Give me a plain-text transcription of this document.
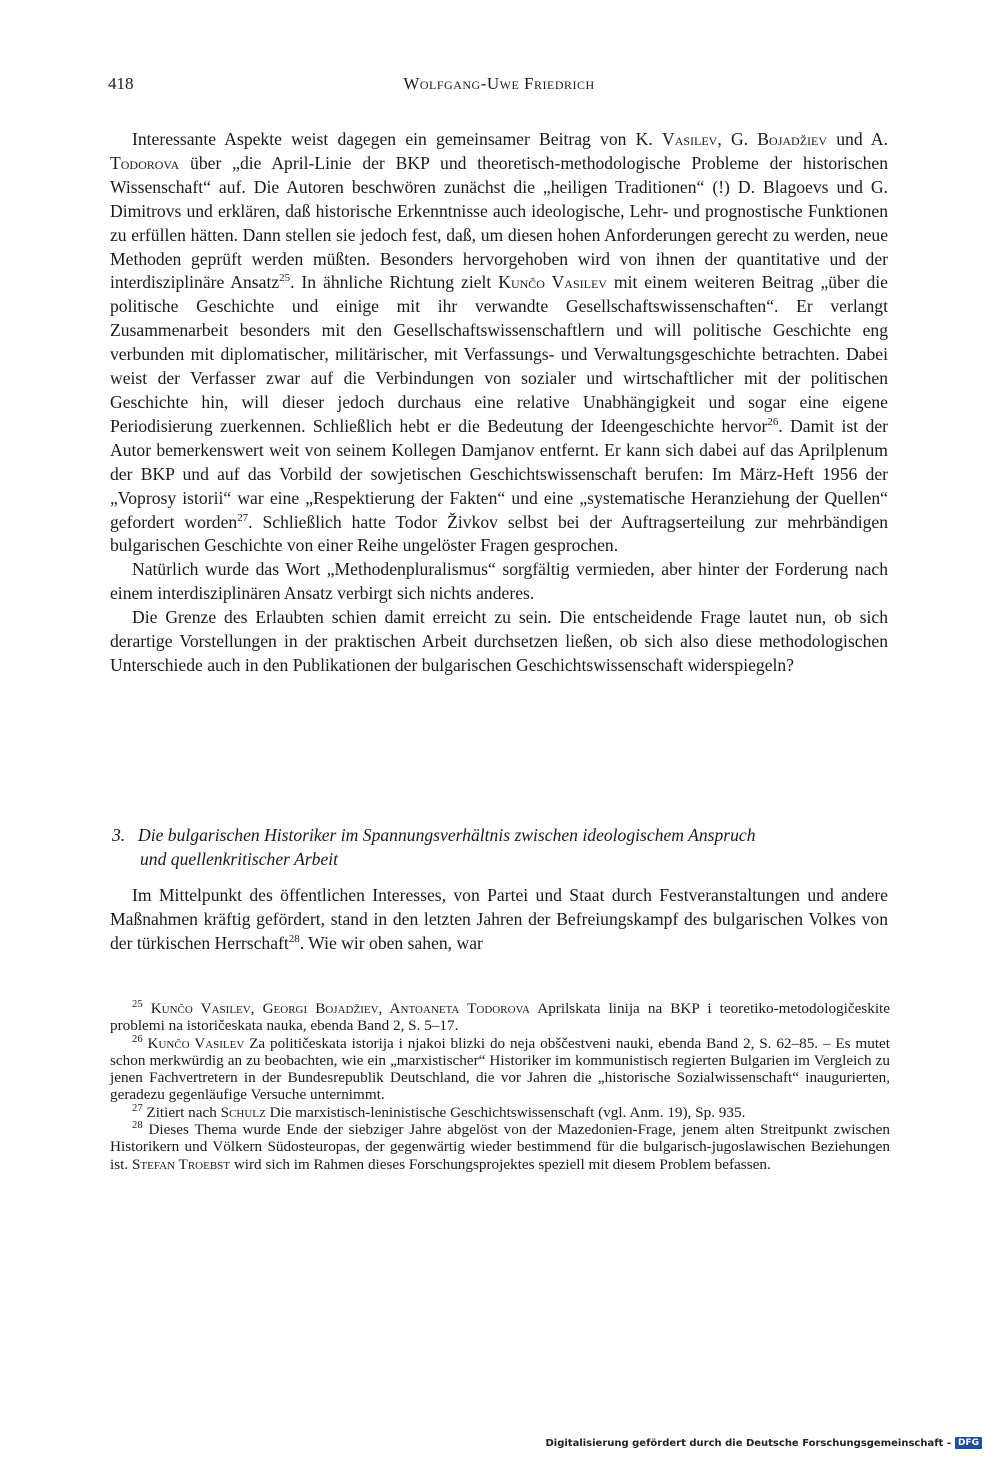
418	Wolfgang-Uwe Friedrich

Interessante Aspekte weist dagegen ein gemeinsamer Beitrag von K. Vasilev, G. Bojadžiev und A. Todorova über „die April-Linie der BKP und theoretisch-methodologische Probleme der historischen Wissenschaft“ auf. Die Autoren beschwören zunächst die „heiligen Traditionen“ (!) D. Blagoevs und G. Dimitrovs und erklären, daß historische Erkenntnisse auch ideologische, Lehr- und prognostische Funktionen zu erfüllen hätten. Dann stellen sie jedoch fest, daß, um diesen hohen Anforderungen gerecht zu werden, neue Methoden geprüft werden müßten. Besonders hervorgehoben wird von ihnen der quantitative und der interdisziplinäre Ansatz$^{25}$. In ähnliche Richtung zielt Kunčo Vasilev mit einem weiteren Beitrag „über die politische Geschichte und einige mit ihr verwandte Gesellschaftswissenschaften“. Er verlangt Zusammenarbeit besonders mit den Gesellschaftswissenschaftlern und will politische Geschichte eng verbunden mit diplomatischer, militärischer, mit Verfassungs- und Verwaltungsgeschichte betrachten. Dabei weist der Verfasser zwar auf die Verbindungen von sozialer und wirtschaftlicher mit der politischen Geschichte hin, will dieser jedoch durchaus eine relative Unabhängigkeit und sogar eine eigene Periodisierung zuerkennen. Schließlich hebt er die Bedeutung der Ideengeschichte hervor$^{26}$. Damit ist der Autor bemerkenswert weit von seinem Kollegen Damjanov entfernt. Er kann sich dabei auf das Aprilplenum der BKP und auf das Vorbild der sowjetischen Geschichtswissenschaft berufen: Im März-Heft 1956 der „Voprosy istorii“ war eine „Respektierung der Fakten“ und eine „systematische Heranziehung der Quellen“ gefordert worden$^{27}$. Schließlich hatte Todor Živkov selbst bei der Auftragserteilung zur mehrbändigen bulgarischen Geschichte von einer Reihe ungelöster Fragen gesprochen.

Natürlich wurde das Wort „Methodenpluralismus“ sorgfältig vermieden, aber hinter der Forderung nach einem interdisziplinären Ansatz verbirgt sich nichts anderes.

Die Grenze des Erlaubten schien damit erreicht zu sein. Die entscheidende Frage lautet nun, ob sich derartige Vorstellungen in der praktischen Arbeit durchsetzen ließen, ob sich also diese methodologischen Unterschiede auch in den Publikationen der bulgarischen Geschichtswissenschaft widerspiegeln?

3. Die bulgarischen Historiker im Spannungsverhältnis zwischen ideologischem Anspruch
und quellenkritischer Arbeit

Im Mittelpunkt des öffentlichen Interesses, von Partei und Staat durch Festveranstaltungen und andere Maßnahmen kräftig gefördert, stand in den letzten Jahren der Befreiungskampf des bulgarischen Volkes von der türkischen Herrschaft$^{28}$. Wie wir oben sahen, war

$^{25}$ Kunčo Vasilev, Georgi Bojadžiev, Antoaneta Todorova Aprilskata linija na BKP i teoretiko-metodologičeskite problemi na istoričeskata nauka, ebenda Band 2, S. 5–17.

$^{26}$ Kunčo Vasilev Za političeskata istorija i njakoi blizki do neja obščestveni nauki, ebenda Band 2, S. 62–85. – Es mutet schon merkwürdig an zu beobachten, wie ein „marxistischer“ Historiker im kommunistisch regierten Bulgarien im Vergleich zu jenen Fachvertretern in der Bundesrepublik Deutschland, die vor Jahren die „historische Sozialwissenschaft“ inaugurierten, geradezu gegenläufige Versuche unternimmt.

$^{27}$ Zitiert nach Schulz Die marxistisch-leninistische Geschichtswissenschaft (vgl. Anm. 19), Sp. 935.

$^{28}$ Dieses Thema wurde Ende der siebziger Jahre abgelöst von der Mazedonien-Frage, jenem alten Streitpunkt zwischen Historikern und Völkern Südosteuropas, der gegenwärtig wieder bestimmend für die bulgarisch-jugoslawischen Beziehungen ist. Stefan Troebst wird sich im Rahmen dieses Forschungsprojektes speziell mit diesem Problem befassen.

Digitalisierung gefördert durch die Deutsche Forschungsgemeinschaft - DFG
